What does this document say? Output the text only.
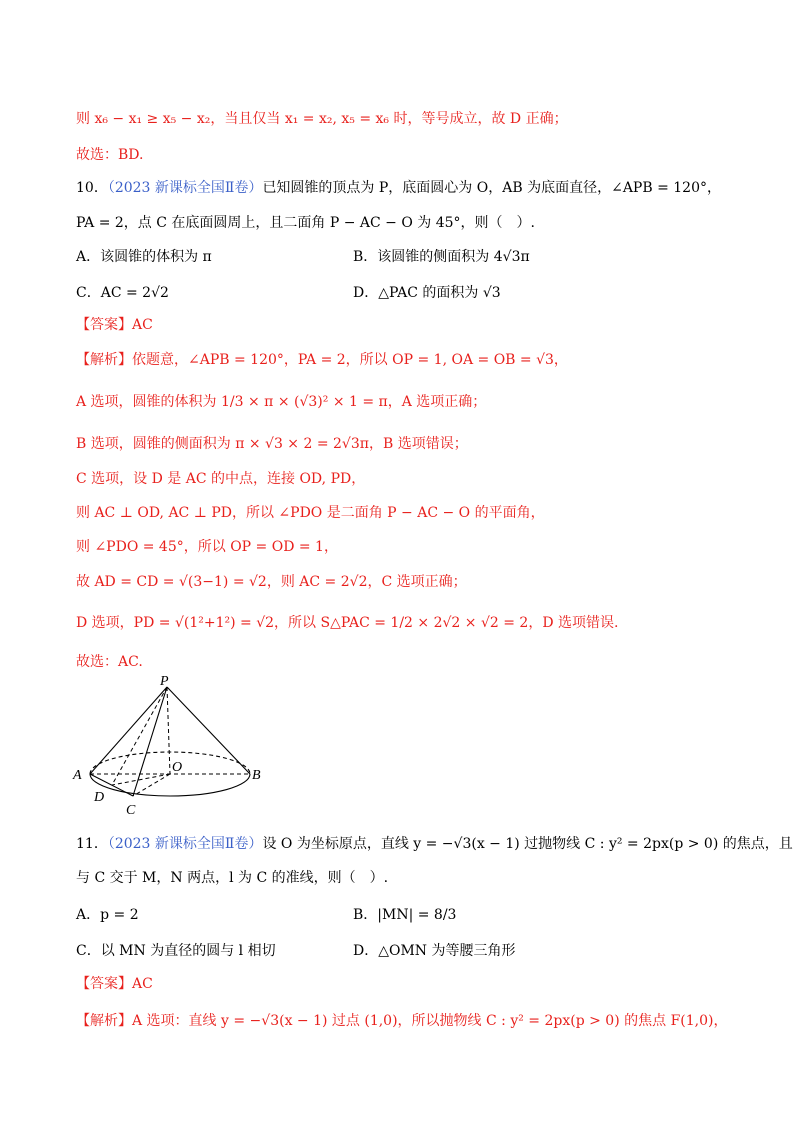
则 x₆ − x₁ ≥ x₅ − x₂，当且仅当 x₁ = x₂, x₅ = x₆ 时，等号成立，故 D 正确；
故选：BD.
10．（2023 新课标全国Ⅱ卷）已知圆锥的顶点为 P，底面圆心为 O，AB 为底面直径，∠APB = 120°，
PA = 2，点 C 在底面圆周上，且二面角 P − AC − O 为 45°，则（　）.
A．该圆锥的体积为 π	B．该圆锥的侧面积为 4√3π
C．AC = 2√2	D．△PAC 的面积为 √3
【答案】AC
【解析】依题意，∠APB = 120°，PA = 2，所以 OP = 1, OA = OB = √3，
A 选项，圆锥的体积为 1/3 × π × (√3)² × 1 = π，A 选项正确；
B 选项，圆锥的侧面积为 π × √3 × 2 = 2√3π，B 选项错误；
C 选项，设 D 是 AC 的中点，连接 OD, PD，
则 AC ⊥ OD, AC ⊥ PD，所以 ∠PDO 是二面角 P − AC − O 的平面角，
则 ∠PDO = 45°，所以 OP = OD = 1，
故 AD = CD = √(3−1) = √2，则 AC = 2√2，C 选项正确；
D 选项，PD = √(1²+1²) = √2，所以 S△PAC = 1/2 × 2√2 × √2 = 2，D 选项错误.
故选：AC.
P
A
O
B
D
C
11．（2023 新课标全国Ⅱ卷）设 O 为坐标原点，直线 y = −√3(x − 1) 过抛物线 C : y² = 2px(p > 0) 的焦点，且
与 C 交于 M，N 两点，l 为 C 的准线，则（　）.
A．p = 2	B．|MN| = 8/3
C．以 MN 为直径的圆与 l 相切	D．△OMN 为等腰三角形
【答案】AC
【解析】A 选项：直线 y = −√3(x − 1) 过点 (1,0)，所以抛物线 C : y² = 2px(p > 0) 的焦点 F(1,0)，
